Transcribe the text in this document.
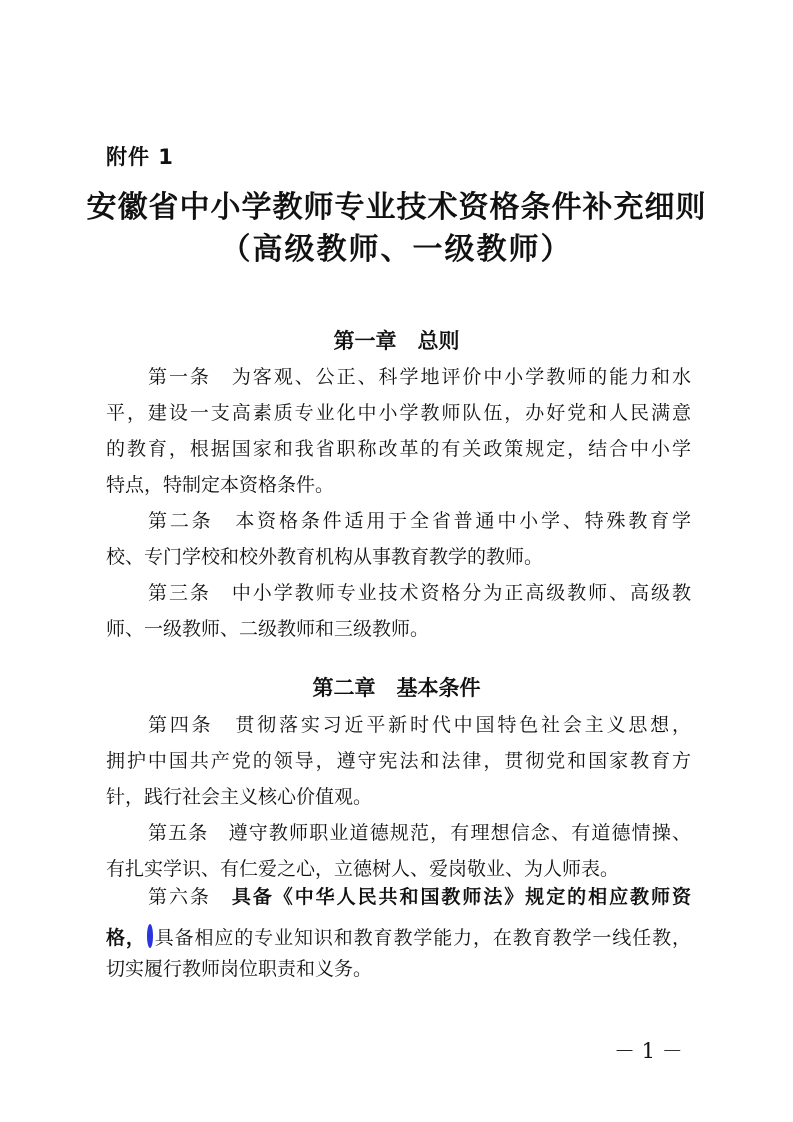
附件 1
安徽省中小学教师专业技术资格条件补充细则
（高级教师、一级教师）
第一章　总则
第一条　为客观、公正、科学地评价中小学教师的能力和水
平，建设一支高素质专业化中小学教师队伍，办好党和人民满意
的教育，根据国家和我省职称改革的有关政策规定，结合中小学
特点，特制定本资格条件。
第二条　本资格条件适用于全省普通中小学、特殊教育学
校、专门学校和校外教育机构从事教育教学的教师。
第三条　中小学教师专业技术资格分为正高级教师、高级教
师、一级教师、二级教师和三级教师。
第二章　基本条件
第四条　贯彻落实习近平新时代中国特色社会主义思想，
拥护中国共产党的领导，遵守宪法和法律，贯彻党和国家教育方
针，践行社会主义核心价值观。
第五条　遵守教师职业道德规范，有理想信念、有道德情操、
有扎实学识、有仁爱之心，立德树人、爱岗敬业、为人师表。
第六条　具备《中华人民共和国教师法》规定的相应教师资
格， 具备相应的专业知识和教育教学能力，在教育教学一线任教，
切实履行教师岗位职责和义务。
－ 1 －
